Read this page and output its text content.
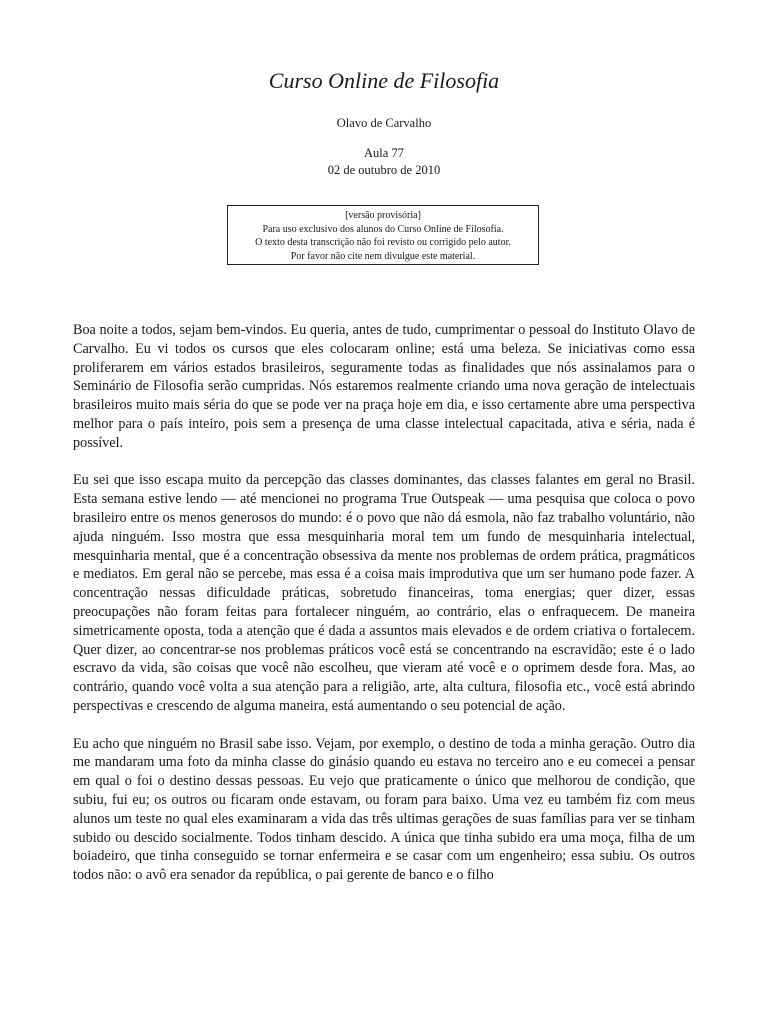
Curso Online de Filosofia
Olavo de Carvalho
Aula 77
02 de outubro de 2010
[versão provisória]
Para uso exclusivo dos alunos do Curso Online de Filosofia.
O texto desta transcrição não foi revisto ou corrigido pelo autor.
Por favor não cite nem divulgue este material.

Boa noite a todos, sejam bem-vindos. Eu queria, antes de tudo, cumprimentar o pessoal do Instituto Olavo de Carvalho. Eu vi todos os cursos que eles colocaram online; está uma beleza. Se iniciativas como essa proliferarem em vários estados brasileiros, seguramente todas as finalidades que nós assinalamos para o Seminário de Filosofia serão cumpridas. Nós estaremos realmente criando uma nova geração de intelectuais brasileiros muito mais séria do que se pode ver na praça hoje em dia, e isso certamente abre uma perspectiva melhor para o país inteiro, pois sem a presença de uma classe intelectual capacitada, ativa e séria, nada é possível.

Eu sei que isso escapa muito da percepção das classes dominantes, das classes falantes em geral no Brasil. Esta semana estive lendo — até mencionei no programa True Outspeak — uma pesquisa que coloca o povo brasileiro entre os menos generosos do mundo: é o povo que não dá esmola, não faz trabalho voluntário, não ajuda ninguém. Isso mostra que essa mesquinharia moral tem um fundo de mesquinharia intelectual, mesquinharia mental, que é a concentração obsessiva da mente nos problemas de ordem prática, pragmáticos e mediatos. Em geral não se percebe, mas essa é a coisa mais improdutiva que um ser humano pode fazer. A concentração nessas dificuldade práticas, sobretudo financeiras, toma energias; quer dizer, essas preocupações não foram feitas para fortalecer ninguém, ao contrário, elas o enfraquecem. De maneira simetricamente oposta, toda a atenção que é dada a assuntos mais elevados e de ordem criativa o fortalecem. Quer dizer, ao concentrar-se nos problemas práticos você está se concentrando na escravidão; este é o lado escravo da vida, são coisas que você não escolheu, que vieram até você e o oprimem desde fora. Mas, ao contrário, quando você volta a sua atenção para a religião, arte, alta cultura, filosofia etc., você está abrindo perspectivas e crescendo de alguma maneira, está aumentando o seu potencial de ação.

Eu acho que ninguém no Brasil sabe isso. Vejam, por exemplo, o destino de toda a minha geração. Outro dia me mandaram uma foto da minha classe do ginásio quando eu estava no terceiro ano e eu comecei a pensar em qual o foi o destino dessas pessoas. Eu vejo que praticamente o único que melhorou de condição, que subiu, fui eu; os outros ou ficaram onde estavam, ou foram para baixo. Uma vez eu também fiz com meus alunos um teste no qual eles examinaram a vida das três ultimas gerações de suas famílias para ver se tinham subido ou descido socialmente. Todos tinham descido. A única que tinha subido era uma moça, filha de um boiadeiro, que tinha conseguido se tornar enfermeira e se casar com um engenheiro; essa subiu. Os outros todos não: o avô era senador da república, o pai gerente de banco e o filho
